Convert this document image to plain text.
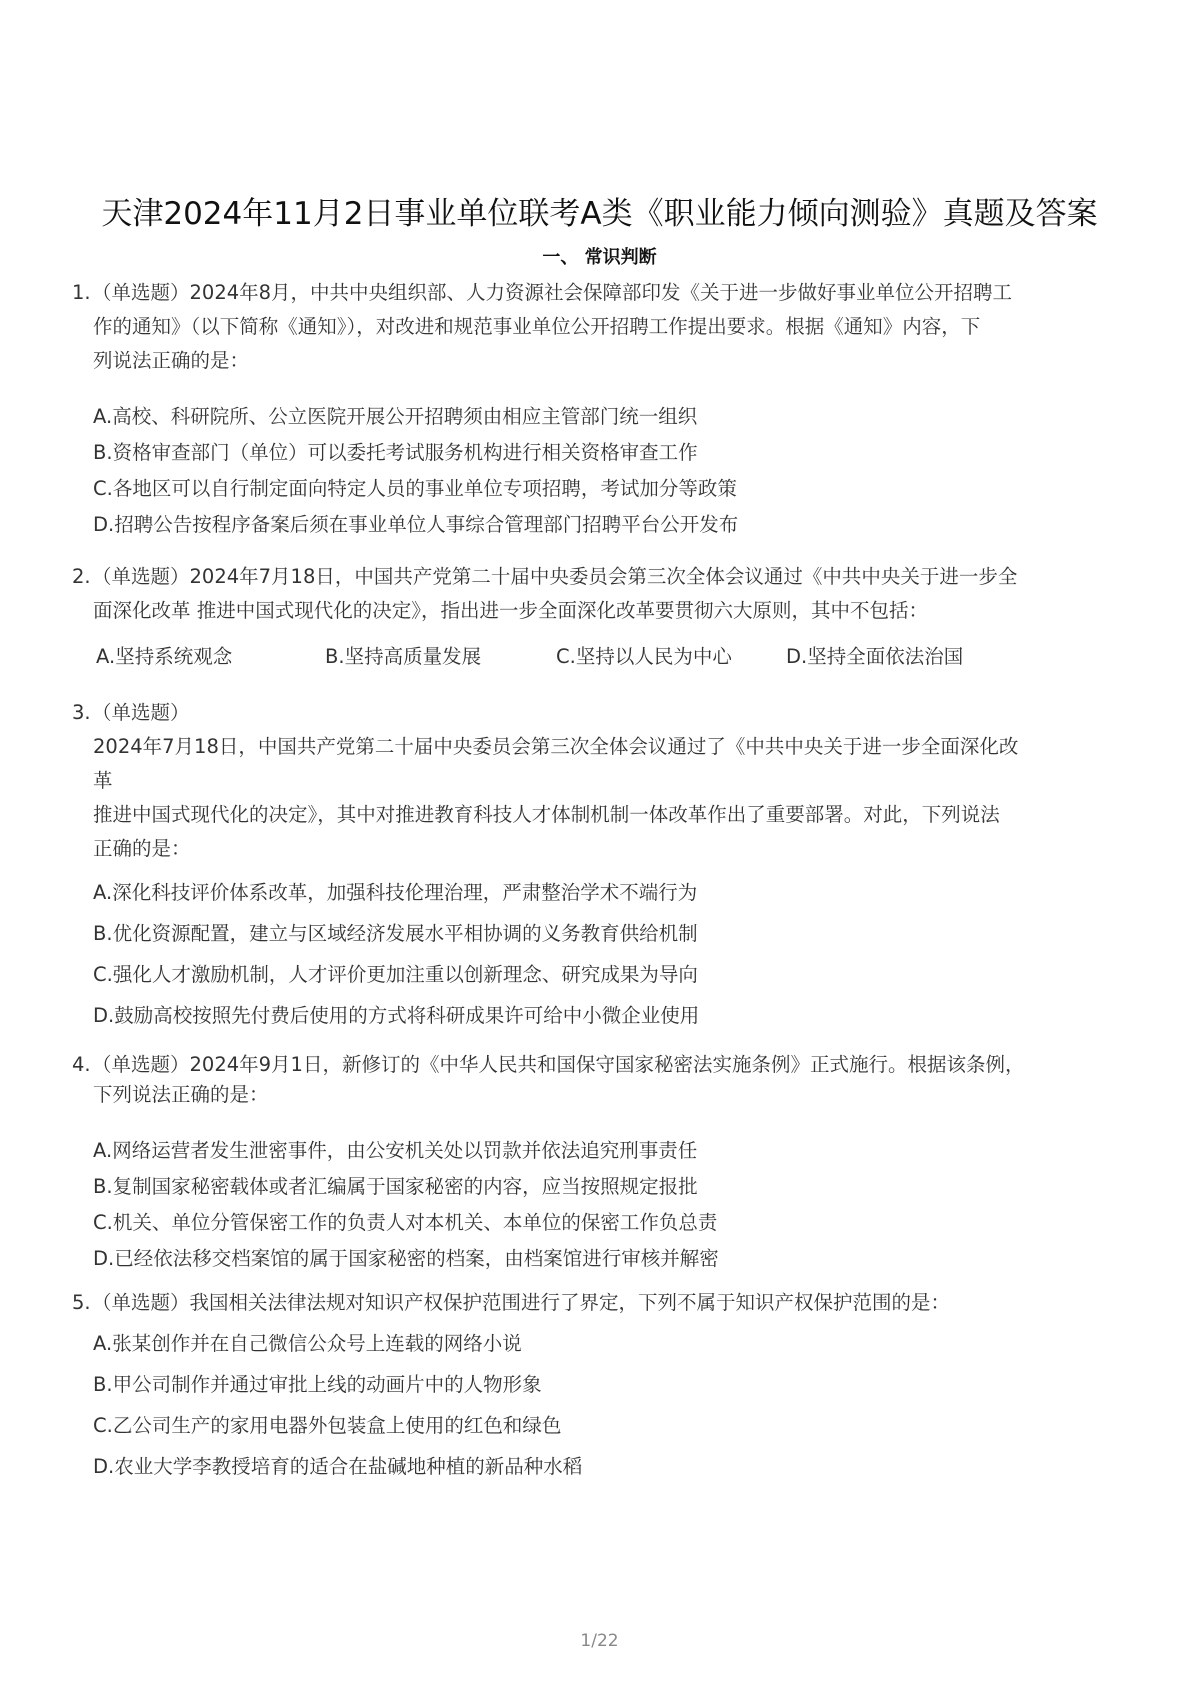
天津2024年11月2日事业单位联考A类《职业能力倾向测验》真题及答案
一、 常识判断
1. （单选题）2024年8月，中共中央组织部、人力资源社会保障部印发《关于进一步做好事业单位公开招聘工
作的通知》（以下简称《通知》），对改进和规范事业单位公开招聘工作提出要求。根据《通知》内容，下
列说法正确的是：
A.高校、科研院所、公立医院开展公开招聘须由相应主管部门统一组织
B.资格审查部门（单位）可以委托考试服务机构进行相关资格审查工作
C.各地区可以自行制定面向特定人员的事业单位专项招聘，考试加分等政策
D.招聘公告按程序备案后须在事业单位人事综合管理部门招聘平台公开发布
2. （单选题）2024年7月18日，中国共产党第二十届中央委员会第三次全体会议通过《中共中央关于进一步全
面深化改革 推进中国式现代化的决定》，指出进一步全面深化改革要贯彻六大原则，其中不包括：
A.坚持系统观念	B.坚持高质量发展	C.坚持以人民为中心	D.坚持全面依法治国
3. （单选题）
2024年7月18日，中国共产党第二十届中央委员会第三次全体会议通过了《中共中央关于进一步全面深化改
革
推进中国式现代化的决定》，其中对推进教育科技人才体制机制一体改革作出了重要部署。对此，下列说法
正确的是：
A.深化科技评价体系改革，加强科技伦理治理，严肃整治学术不端行为
B.优化资源配置，建立与区域经济发展水平相协调的义务教育供给机制
C.强化人才激励机制，人才评价更加注重以创新理念、研究成果为导向
D.鼓励高校按照先付费后使用的方式将科研成果许可给中小微企业使用
4. （单选题）2024年9月1日，新修订的《中华人民共和国保守国家秘密法实施条例》正式施行。根据该条例，
下列说法正确的是：
A.网络运营者发生泄密事件，由公安机关处以罚款并依法追究刑事责任
B.复制国家秘密载体或者汇编属于国家秘密的内容，应当按照规定报批
C.机关、单位分管保密工作的负责人对本机关、本单位的保密工作负总责
D.已经依法移交档案馆的属于国家秘密的档案，由档案馆进行审核并解密
5. （单选题）我国相关法律法规对知识产权保护范围进行了界定，下列不属于知识产权保护范围的是：
A.张某创作并在自己微信公众号上连载的网络小说
B.甲公司制作并通过审批上线的动画片中的人物形象
C.乙公司生产的家用电器外包装盒上使用的红色和绿色
D.农业大学李教授培育的适合在盐碱地种植的新品种水稻
1/22
